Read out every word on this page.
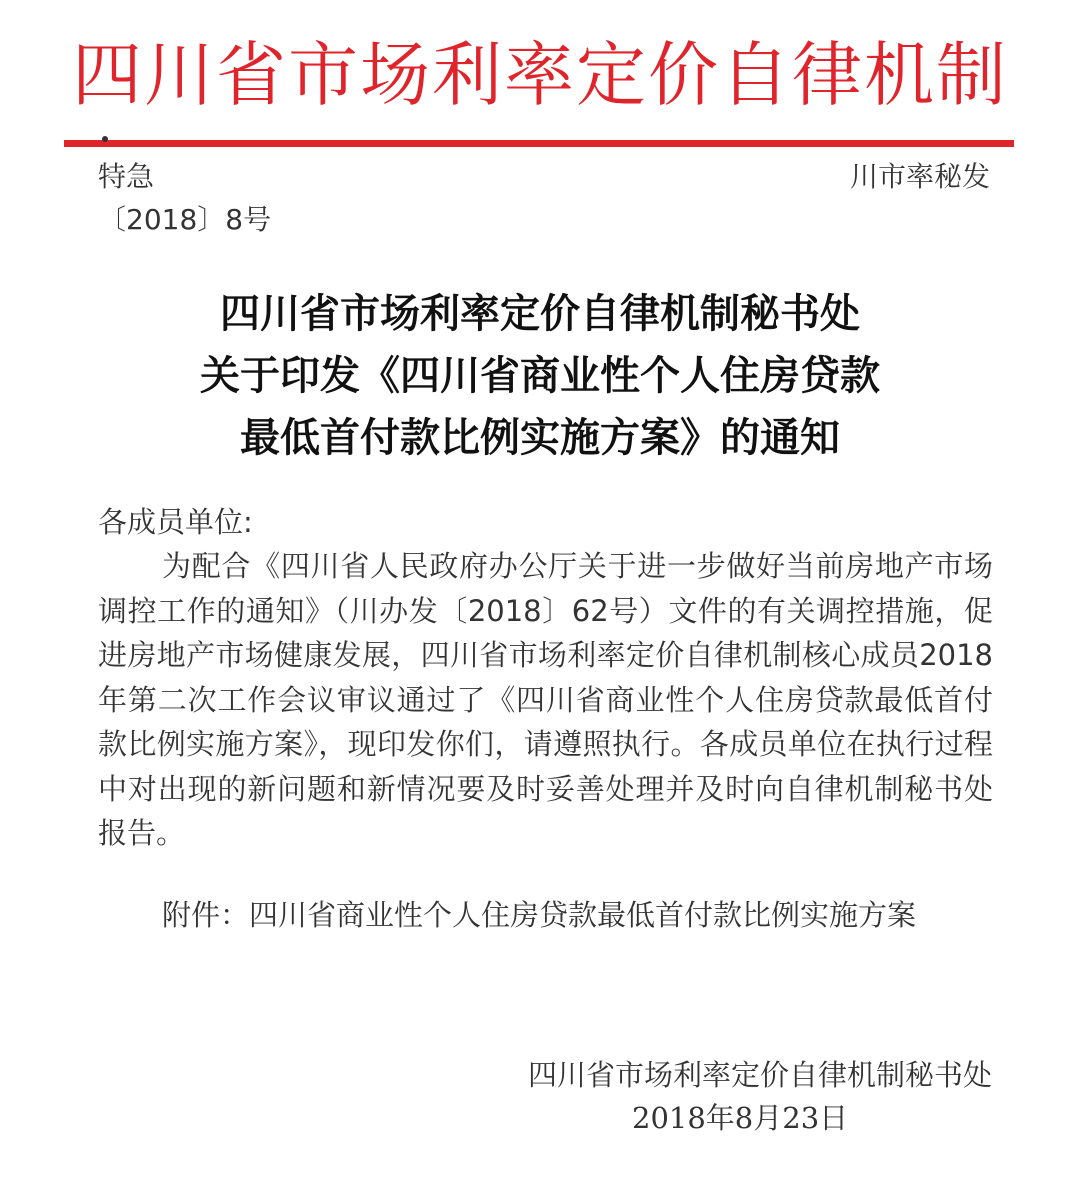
四川省市场利率定价自律机制
特急	川市率秘发
〔2018〕8号
四川省市场利率定价自律机制秘书处
关于印发《四川省商业性个人住房贷款
最低首付款比例实施方案》的通知
各成员单位:
为配合《四川省人民政府办公厅关于进一步做好当前房地产市场调控工作的通知》（川办发〔2018〕62号）文件的有关调控措施，促进房地产市场健康发展，四川省市场利率定价自律机制核心成员2018年第二次工作会议审议通过了《四川省商业性个人住房贷款最低首付款比例实施方案》，现印发你们，请遵照执行。各成员单位在执行过程中对出现的新问题和新情况要及时妥善处理并及时向自律机制秘书处报告。
附件：四川省商业性个人住房贷款最低首付款比例实施方案
四川省市场利率定价自律机制秘书处
2018年8月23日
